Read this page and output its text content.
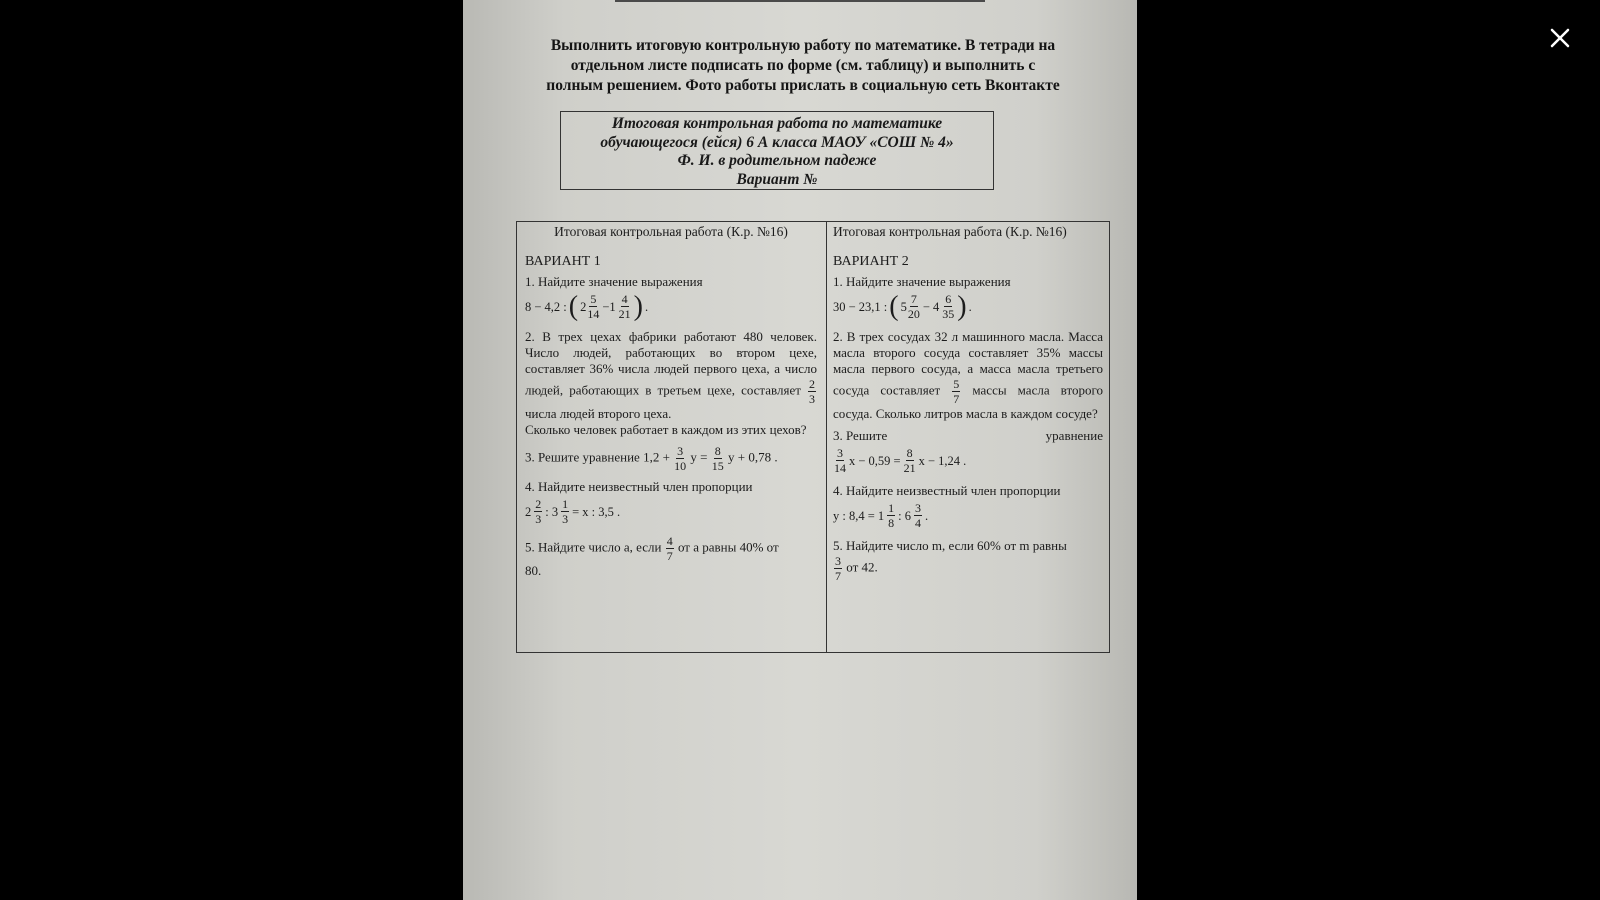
Выполнить итоговую контрольную работу по математике. В тетради на
отдельном листе подписать по форме (см. таблицу) и выполнить с
полным решением. Фото работы прислать в социальную сеть Вконтакте
Итоговая контрольная работа по математике
обучающегося (ейся) 6 А класса МАОУ «СОШ № 4»
Ф. И. в родительном падеже
Вариант №
Итоговая контрольная работа (К.р. №16)
ВАРИАНТ 1
1. Найдите значение выражения
8 − 4,2 : ( $2 \frac{5}{14} -1 \frac{4}{21}$ ) .
2. В трех цехах фабрики работают 480 человек. Число людей, работающих во втором цехе, составляет 36% числа людей первого цеха, а число людей, работающих в третьем цехе, составляет $\frac{2}{3}$
числа людей второго цеха.
Сколько человек работает в каждом из этих цехов?
3. Решите уравнение $1,2 + \frac{3}{10}$ $y = \frac{8}{15}$ y + 0,78 .
4. Найдите неизвестный член пропорции
$2 \frac{2}{3}$ : $3 \frac{1}{3} = x$ : 3,5 .
5. Найдите число a, если $\frac{4}{7}$ от a равны 40% от
80.
Итоговая контрольная работа (К.р. №16)
ВАРИАНТ 2
1. Найдите значение выражения
30 − 23,1 : ( $5 \frac{7}{20} - 4 \frac{6}{35}$ ) .
2. В трех сосудах 32 л машинного масла. Масса масла второго сосуда составляет 35% массы масла первого сосуда, а масса масла третьего сосуда составляет $\frac{5}{7}$ массы масла второго сосуда. Сколько литров масла в каждом сосуде?
3. Решите	уравнение
$\frac{3}{14}$ $x - 0,59 = \frac{8}{21}$ x − 1,24 .
4. Найдите неизвестный член пропорции
y : $8,4 = 1 \frac{1}{8}$ : $6 \frac{3}{4}$ .
5. Найдите число m, если 60% от m равны
$\frac{3}{7}$ от 42.
